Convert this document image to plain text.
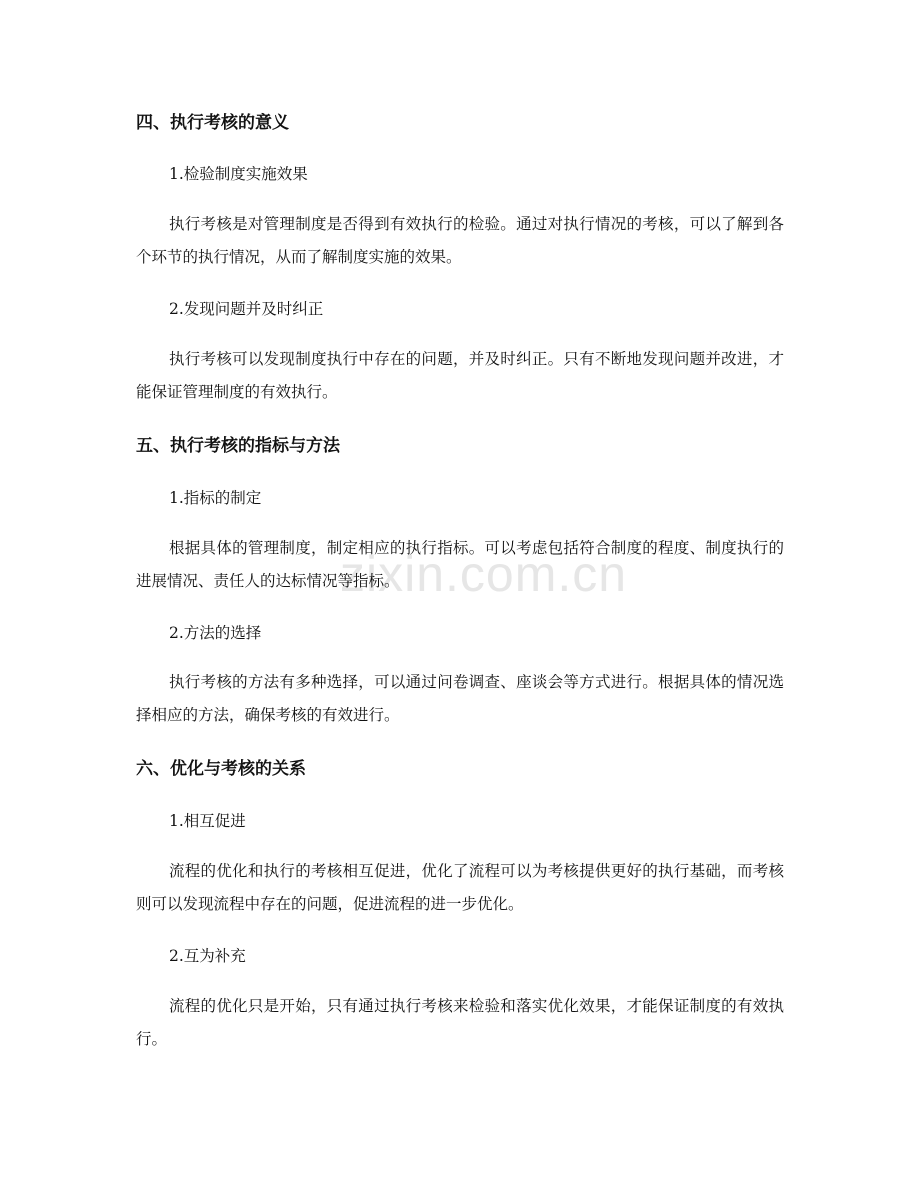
zixin.com.cn
四、执行考核的意义
1.检验制度实施效果
执行考核是对管理制度是否得到有效执行的检验。通过对执行情况的考核，可以了解到各个环节的执行情况，从而了解制度实施的效果。
2.发现问题并及时纠正
执行考核可以发现制度执行中存在的问题，并及时纠正。只有不断地发现问题并改进，才能保证管理制度的有效执行。
五、执行考核的指标与方法
1.指标的制定
根据具体的管理制度，制定相应的执行指标。可以考虑包括符合制度的程度、制度执行的进展情况、责任人的达标情况等指标。
2.方法的选择
执行考核的方法有多种选择，可以通过问卷调查、座谈会等方式进行。根据具体的情况选择相应的方法，确保考核的有效进行。
六、优化与考核的关系
1.相互促进
流程的优化和执行的考核相互促进，优化了流程可以为考核提供更好的执行基础，而考核则可以发现流程中存在的问题，促进流程的进一步优化。
2.互为补充
流程的优化只是开始，只有通过执行考核来检验和落实优化效果，才能保证制度的有效执行。
